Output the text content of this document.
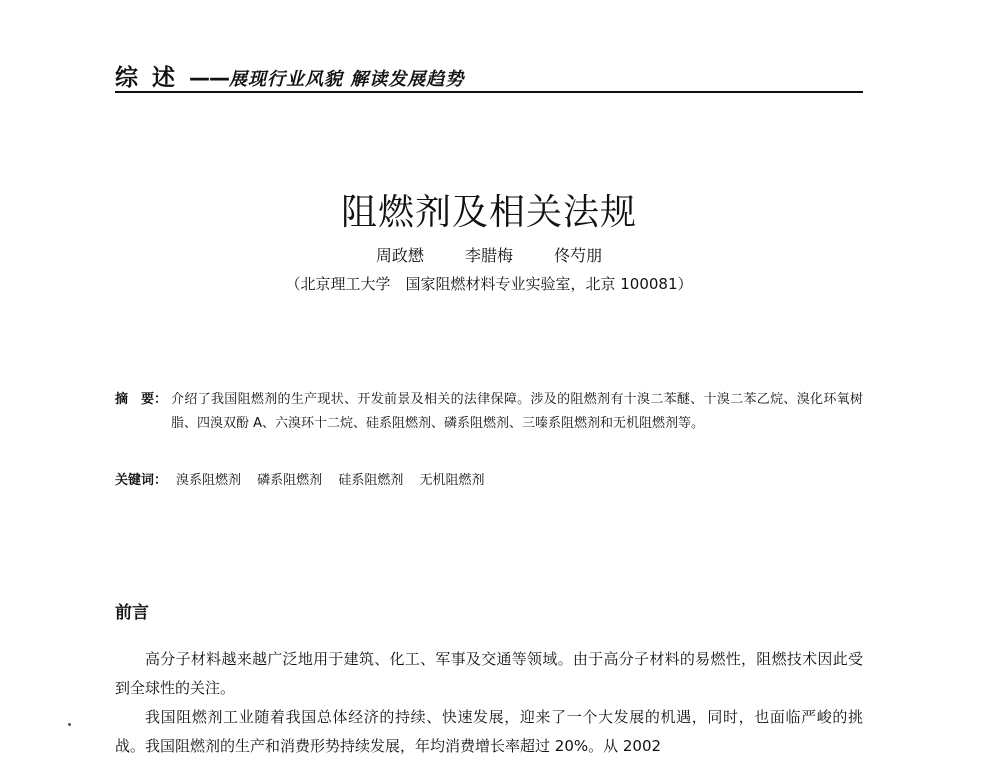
综述——展现行业风貌 解读发展趋势
阻燃剂及相关法规
周政懋	李腊梅	佟芍朋
（北京理工大学　国家阻燃材料专业实验室，北京 100081）
摘　要： 介绍了我国阻燃剂的生产现状、开发前景及相关的法律保障。涉及的阻燃剂有十溴二苯醚、十溴二苯乙烷、溴化环氧树脂、四溴双酚 A、六溴环十二烷、硅系阻燃剂、磷系阻燃剂、三嗪系阻燃剂和无机阻燃剂等。
关键词： 溴系阻燃剂 磷系阻燃剂 硅系阻燃剂 无机阻燃剂
前言
高分子材料越来越广泛地用于建筑、化工、军事及交通等领域。由于高分子材料的易燃性，阻燃技术因此受到全球性的关注。
我国阻燃剂工业随着我国总体经济的持续、快速发展，迎来了一个大发展的机遇，同时，也面临严峻的挑战。我国阻燃剂的生产和消费形势持续发展，年均消费增长率超过 20%。从 2002
